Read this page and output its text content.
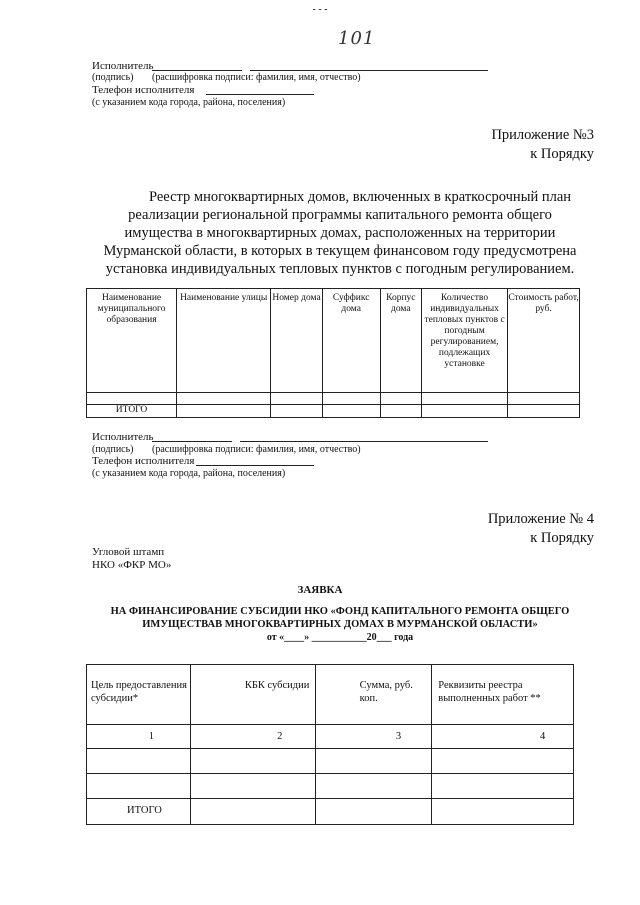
- - -
101
Исполнитель
(подпись) (расшифровка подписи: фамилия, имя, отчество)
Телефон исполнителя
(с указанием кода города, района, поселения)
Приложение №3
к Порядку
Реестр многоквартирных домов, включенных в краткосрочный план
реализации региональной программы капитального ремонта общего
имущества в многоквартирных домах, расположенных на территории
Мурманской области, в которых в текущем финансовом году предусмотрена
установка индивидуальных тепловых пунктов с погодным регулированием.
Наименование муниципального образования	Наименование улицы	Номер дома	Суффикс дома	Корпус дома	Количество индивидуальных тепловых пунктов с погодным регулированием, подлежащих установке	Стоимость работ, руб.

ИТОГО						
Исполнитель
(подпись) (расшифровка подписи: фамилия, имя, отчество)
Телефон исполнителя
(с указанием кода города, района, поселения)
Приложение № 4
к Порядку
Угловой штамп
НКО «ФКР МО»
ЗАЯВКА
НА ФИНАНСИРОВАНИЕ СУБСИДИИ НКО «ФОНД КАПИТАЛЬНОГО РЕМОНТА ОБЩЕГО
ИМУЩЕСТВАВ МНОГОКВАРТИРНЫХ ДОМАХ В МУРМАНСКОЙ ОБЛАСТИ»
от «____» ___________20___ года
Цель предоставления субсидии*	КБК субсидии	Сумма, руб. коп.	Реквизиты реестра выполненных работ **
1	2	3	4

ИТОГО			
